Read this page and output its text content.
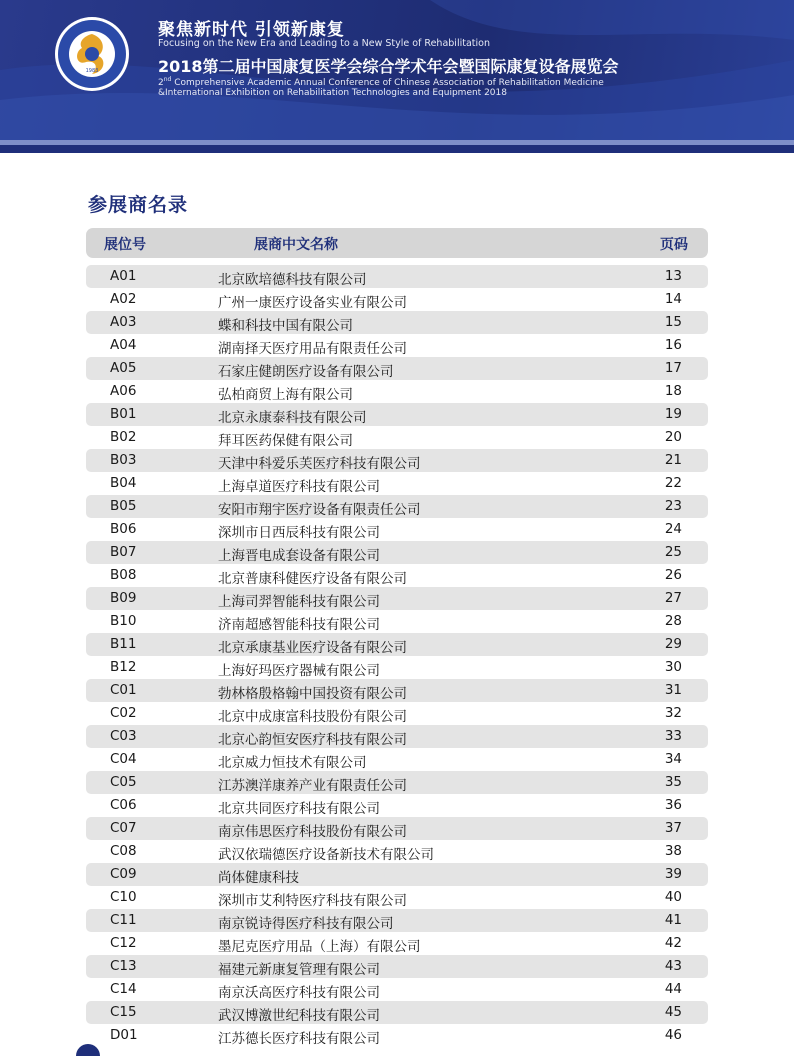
1983
聚焦新时代 引领新康复
Focusing on the New Era and Leading to a New Style of Rehabilitation
2018第二届中国康复医学会综合学术年会暨国际康复设备展览会
2nd Comprehensive Academic Annual Conference of Chinese Association of Rehabilitation Medicine
&International Exhibition on Rehabilitation Technologies and Equipment 2018
参展商名录
展位号	展商中文名称	页码
A01	北京欧培德科技有限公司	13
A02	广州一康医疗设备实业有限公司	14
A03	蝶和科技中国有限公司	15
A04	湖南择天医疗用品有限责任公司	16
A05	石家庄健朗医疗设备有限公司	17
A06	弘柏商贸上海有限公司	18
B01	北京永康泰科技有限公司	19
B02	拜耳医药保健有限公司	20
B03	天津中科爱乐芙医疗科技有限公司	21
B04	上海卓道医疗科技有限公司	22
B05	安阳市翔宇医疗设备有限责任公司	23
B06	深圳市日西辰科技有限公司	24
B07	上海晋电成套设备有限公司	25
B08	北京普康科健医疗设备有限公司	26
B09	上海司羿智能科技有限公司	27
B10	济南超感智能科技有限公司	28
B11	北京承康基业医疗设备有限公司	29
B12	上海好玛医疗器械有限公司	30
C01	勃林格殷格翰中国投资有限公司	31
C02	北京中成康富科技股份有限公司	32
C03	北京心韵恒安医疗科技有限公司	33
C04	北京威力恒技术有限公司	34
C05	江苏澳洋康养产业有限责任公司	35
C06	北京共同医疗科技有限公司	36
C07	南京伟思医疗科技股份有限公司	37
C08	武汉依瑞德医疗设备新技术有限公司	38
C09	尚体健康科技	39
C10	深圳市艾利特医疗科技有限公司	40
C11	南京锐诗得医疗科技有限公司	41
C12	墨尼克医疗用品（上海）有限公司	42
C13	福建元新康复管理有限公司	43
C14	南京沃高医疗科技有限公司	44
C15	武汉博激世纪科技有限公司	45
D01	江苏德长医疗科技有限公司	46
